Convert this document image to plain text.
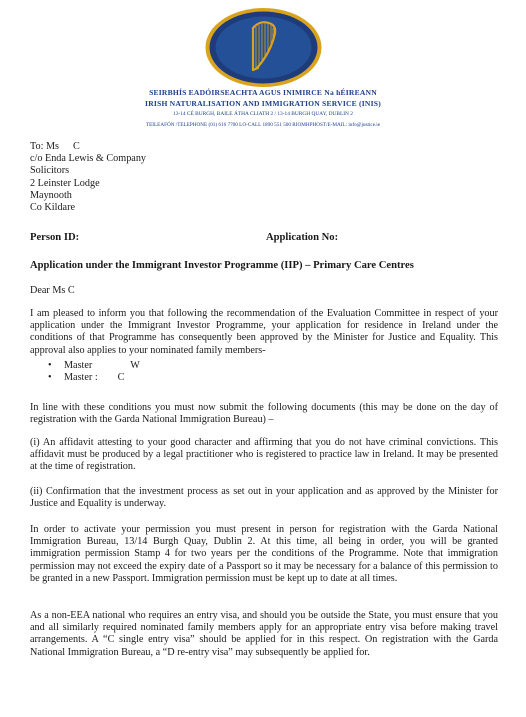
SEIRBHÍS EADÓIRSEACHTA AGUS INIMIRCE Na hÉIREANN
IRISH NATURALISATION AND IMMIGRATION SERVICE (INIS)
13-14 CÉ BURGH, BAILE ÁTHA CLIATH 2 / 13-14 BURGH QUAY, DUBLIN 2
TEILEAFÓN /TELEPHONE (01) 616 7700 LO-CALL 1890 551 500 RIOMHPHOST/E-MAIL: info@justice.ie
To: Ms C
c/o Enda Lewis & Company
Solicitors
2 Leinster Lodge
Maynooth
Co Kildare
Person ID:	Application No:
Application under the Immigrant Investor Programme (IIP) – Primary Care Centres
Dear Ms C

I am pleased to inform you that following the recommendation of the Evaluation Committee in respect of your application under the Immigrant Investor Programme, your application for residence in Ireland under the conditions of that Programme has consequently been approved by the Minister for Justice and Equality. This approval also applies to your nominated family members-

• Master	W
• Master : C

In line with these conditions you must now submit the following documents (this may be done on the day of registration with the Garda National Immigration Bureau) –

(i) An affidavit attesting to your good character and affirming that you do not have criminal convictions. This affidavit must be produced by a legal practitioner who is registered to practice law in Ireland. It may be presented at the time of registration.

(ii) Confirmation that the investment process as set out in your application and as approved by the Minister for Justice and Equality is underway.

In order to activate your permission you must present in person for registration with the Garda National Immigration Bureau, 13/14 Burgh Quay, Dublin 2. At this time, all being in order, you will be granted immigration permission Stamp 4 for two years per the conditions of the Programme. Note that immigration permission may not exceed the expiry date of a Passport so it may be necessary for a balance of this permission to be granted in a new Passport. Immigration permission must be kept up to date at all times.

As a non-EEA national who requires an entry visa, and should you be outside the State, you must ensure that you and all similarly required nominated family members apply for an appropriate entry visa before making travel arrangements. A “C single entry visa” should be applied for in this respect. On registration with the Garda National Immigration Bureau, a “D re-entry visa” may subsequently be applied for.
